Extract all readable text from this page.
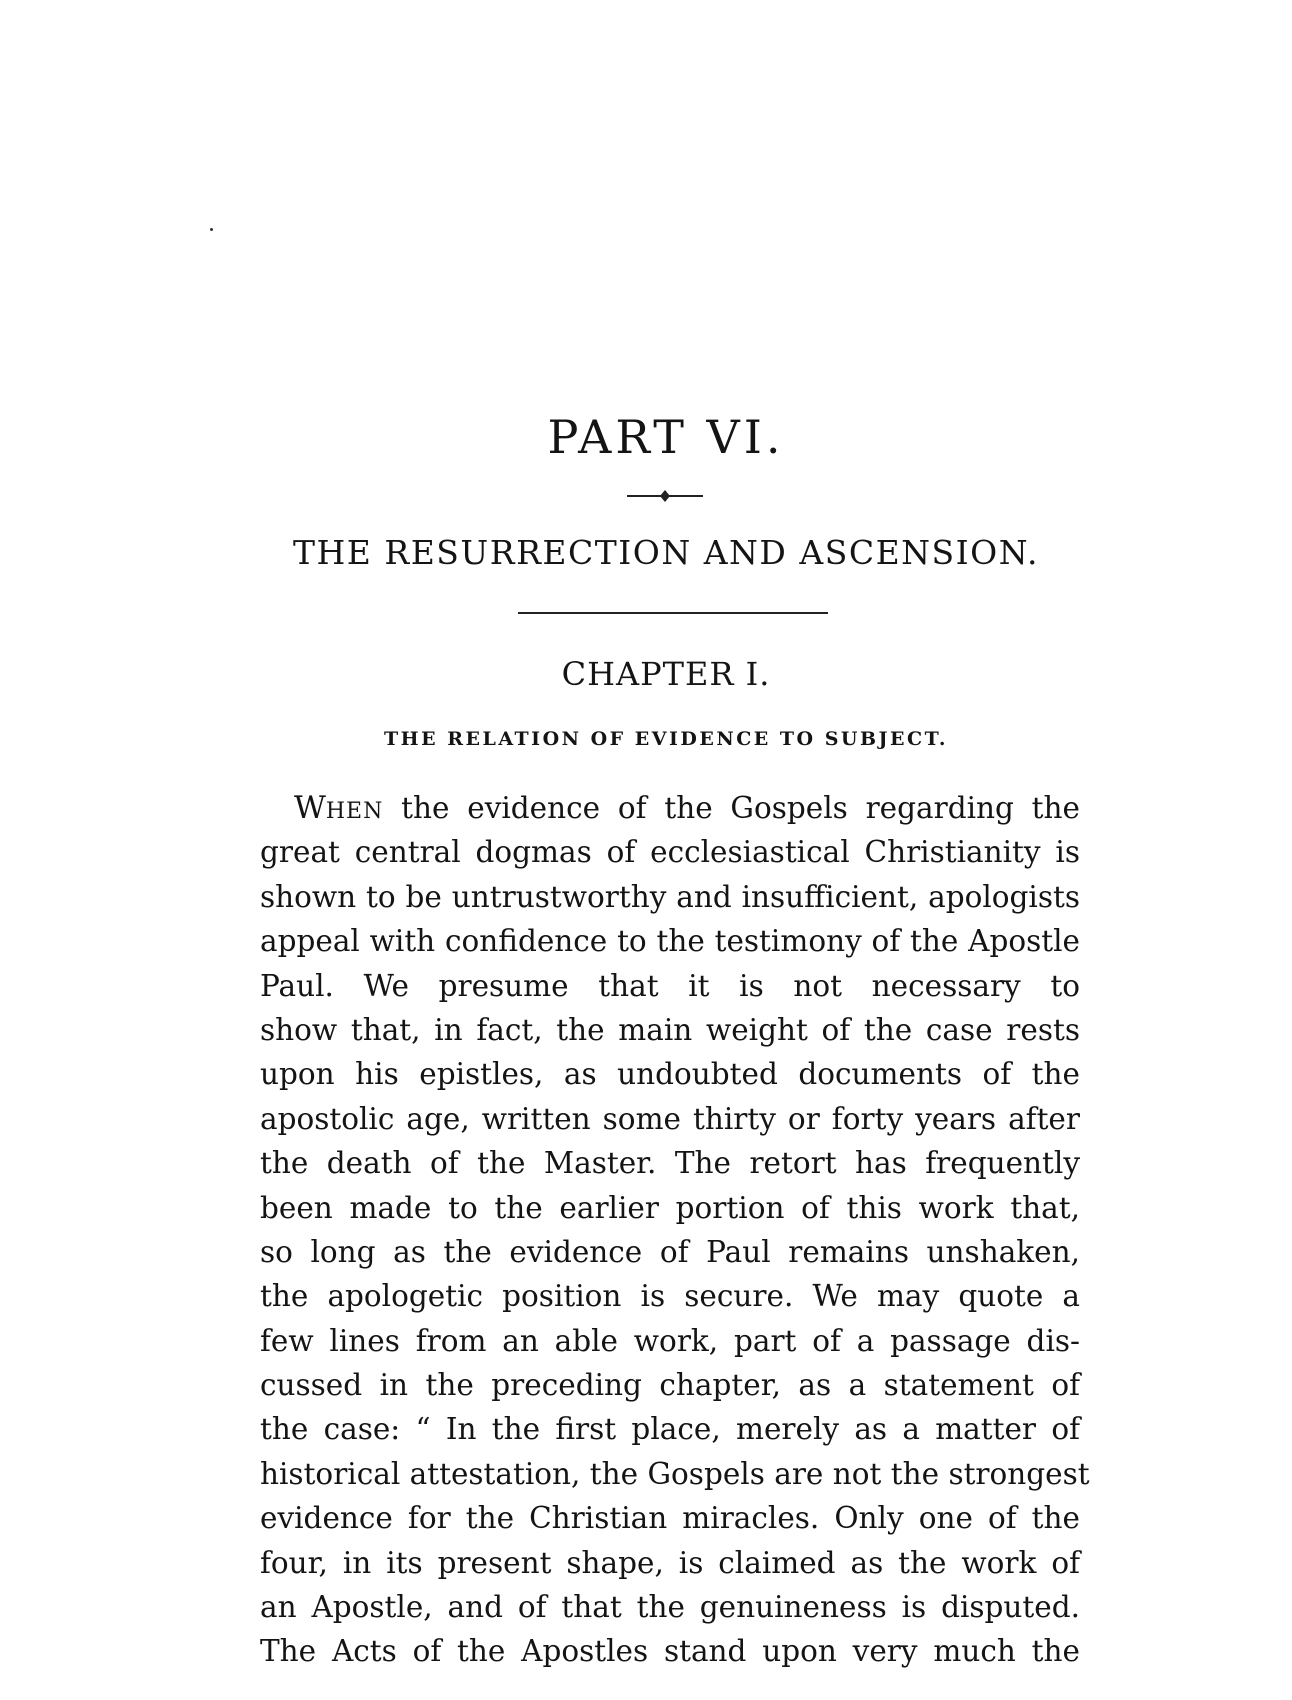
PART VI.
THE RESURRECTION AND ASCENSION.
CHAPTER I.
THE RELATION OF EVIDENCE TO SUBJECT.
WHEN the evidence of the Gospels regarding the
great central dogmas of ecclesiastical Christianity is
shown to be untrustworthy and insufficient, apologists
appeal with confidence to the testimony of the Apostle
Paul. We presume that it is not necessary to
show that, in fact, the main weight of the case rests
upon his epistles, as undoubted documents of the
apostolic age, written some thirty or forty years after
the death of the Master. The retort has frequently
been made to the earlier portion of this work that,
so long as the evidence of Paul remains unshaken,
the apologetic position is secure. We may quote a
few lines from an able work, part of a passage dis-
cussed in the preceding chapter, as a statement of
the case: “ In the first place, merely as a matter of
historical attestation, the Gospels are not the strongest
evidence for the Christian miracles. Only one of the
four, in its present shape, is claimed as the work of
an Apostle, and of that the genuineness is disputed.
The Acts of the Apostles stand upon very much the
